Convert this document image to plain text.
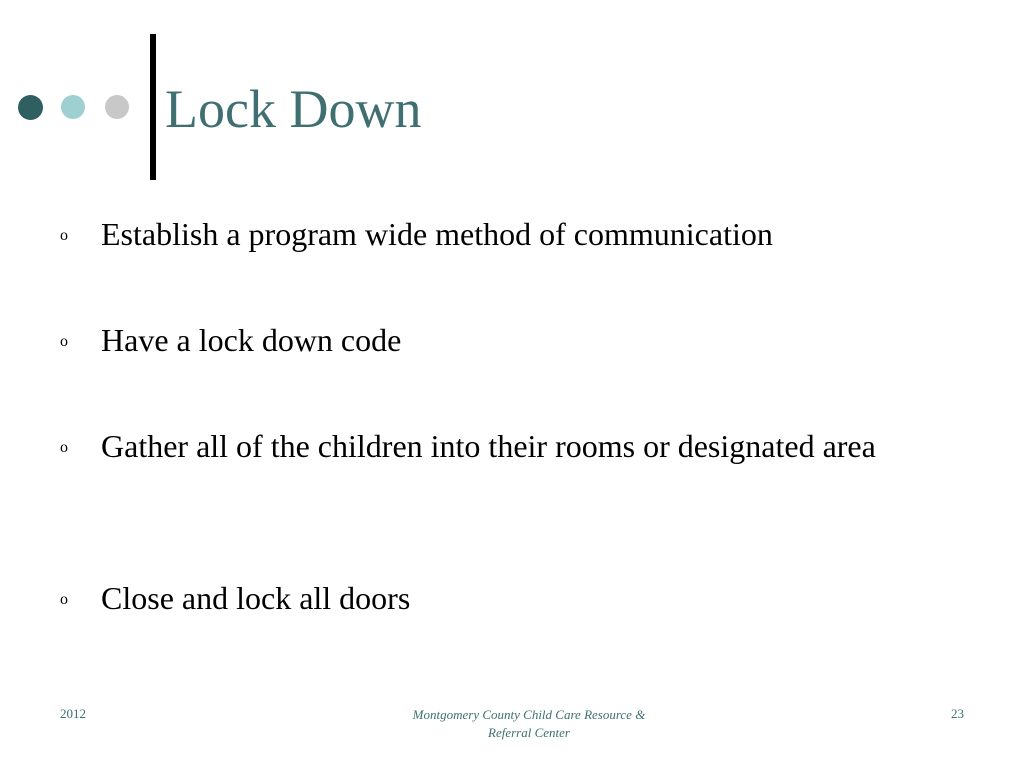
Lock Down
o Establish a program wide method of communication
o Have a lock down code
o Gather all of the children into their rooms or designated area
o Close and lock all doors
2012	Montgomery County Child Care Resource &
Referral Center
23
